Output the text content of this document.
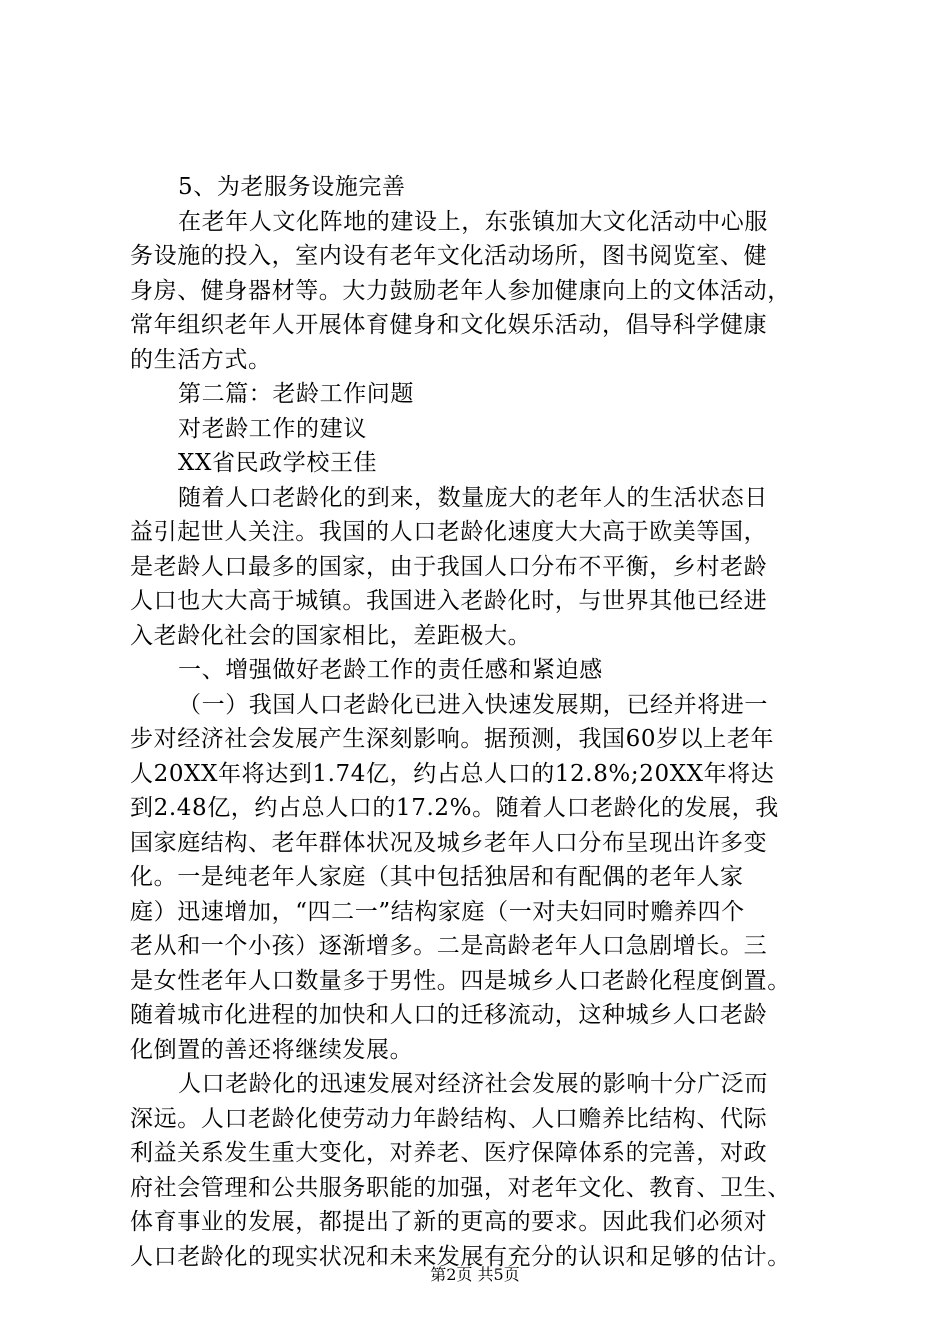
5、为老服务设施完善

在老年人文化阵地的建设上，东张镇加大文化活动中心服

务设施的投入，室内设有老年文化活动场所，图书阅览室、健

身房、健身器材等。大力鼓励老年人参加健康向上的文体活动，

常年组织老年人开展体育健身和文化娱乐活动，倡导科学健康

的生活方式。

第二篇：老龄工作问题

对老龄工作的建议

XX省民政学校王佳

随着人口老龄化的到来，数量庞大的老年人的生活状态日

益引起世人关注。我国的人口老龄化速度大大高于欧美等国，

是老龄人口最多的国家，由于我国人口分布不平衡，乡村老龄

人口也大大高于城镇。我国进入老龄化时，与世界其他已经进

入老龄化社会的国家相比，差距极大。

一、增强做好老龄工作的责任感和紧迫感

（一）我国人口老龄化已进入快速发展期，已经并将进一

步对经济社会发展产生深刻影响。据预测，我国60岁以上老年

人20XX年将达到1.74亿，约占总人口的12.8%;20XX年将达

到2.48亿，约占总人口的17.2%。随着人口老龄化的发展，我

国家庭结构、老年群体状况及城乡老年人口分布呈现出许多变

化。一是纯老年人家庭（其中包括独居和有配偶的老年人家

庭）迅速增加，“四二一”结构家庭（一对夫妇同时赡养四个

老从和一个小孩）逐渐增多。二是高龄老年人口急剧增长。三

是女性老年人口数量多于男性。四是城乡人口老龄化程度倒置。

随着城市化进程的加快和人口的迁移流动，这种城乡人口老龄

化倒置的善还将继续发展。

人口老龄化的迅速发展对经济社会发展的影响十分广泛而

深远。人口老龄化使劳动力年龄结构、人口赡养比结构、代际

利益关系发生重大变化，对养老、医疗保障体系的完善，对政

府社会管理和公共服务职能的加强，对老年文化、教育、卫生、

体育事业的发展，都提出了新的更高的要求。因此我们必须对

人口老龄化的现实状况和未来发展有充分的认识和足够的估计。

第2页 共5页
